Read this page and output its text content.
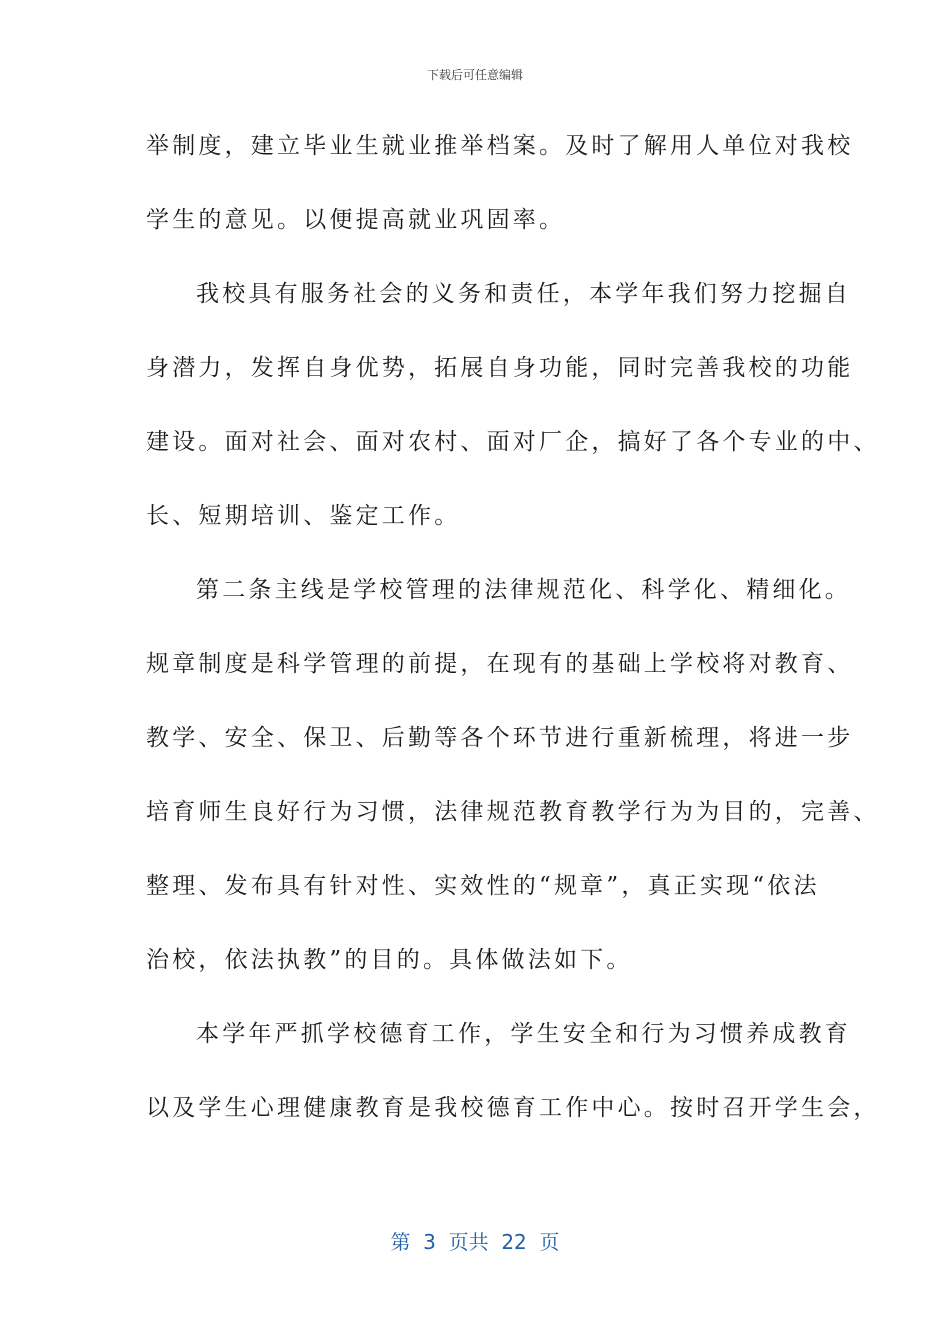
下载后可任意编辑
举制度，建立毕业生就业推举档案。及时了解用人单位对我校
学生的意见。以便提高就业巩固率。
我校具有服务社会的义务和责任，本学年我们努力挖掘自
身潜力，发挥自身优势，拓展自身功能，同时完善我校的功能
建设。面对社会、面对农村、面对厂企，搞好了各个专业的中、
长、短期培训、鉴定工作。
第二条主线是学校管理的法律规范化、科学化、精细化。
规章制度是科学管理的前提，在现有的基础上学校将对教育、
教学、安全、保卫、后勤等各个环节进行重新梳理，将进一步
培育师生良好行为习惯，法律规范教育教学行为为目的，完善、
整理、发布具有针对性、实效性的“规章”，真正实现“依法
治校，依法执教”的目的。具体做法如下。
本学年严抓学校德育工作，学生安全和行为习惯养成教育
以及学生心理健康教育是我校德育工作中心。按时召开学生会，
第  3  页共  22  页
